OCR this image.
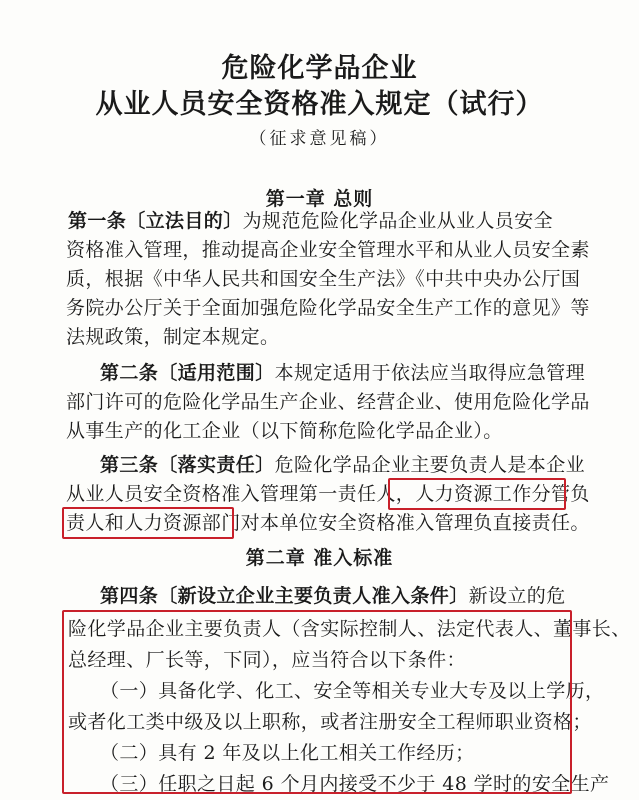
危险化学品企业
从业人员安全资格准入规定（试行）
（征求意见稿）
第一章 总则
第一条〔立法目的〕为规范危险化学品企业从业人员安全
资格准入管理，推动提高企业安全管理水平和从业人员安全素
质，根据《中华人民共和国安全生产法》《中共中央办公厅国
务院办公厅关于全面加强危险化学品安全生产工作的意见》等
法规政策，制定本规定。
第二条〔适用范围〕本规定适用于依法应当取得应急管理
部门许可的危险化学品生产企业、经营企业、使用危险化学品
从事生产的化工企业（以下简称危险化学品企业）。
第三条〔落实责任〕危险化学品企业主要负责人是本企业
从业人员安全资格准入管理第一责任人，人力资源工作分管负
责人和人力资源部门对本单位安全资格准入管理负直接责任。
第二章 准入标准
第四条〔新设立企业主要负责人准入条件〕新设立的危
险化学品企业主要负责人（含实际控制人、法定代表人、董事长、
总经理、厂长等，下同），应当符合以下条件：
（一）具备化学、化工、安全等相关专业大专及以上学历，
或者化工类中级及以上职称，或者注册安全工程师职业资格；
（二）具有 2 年及以上化工相关工作经历；
（三）任职之日起 6 个月内接受不少于 48 学时的安全生产
